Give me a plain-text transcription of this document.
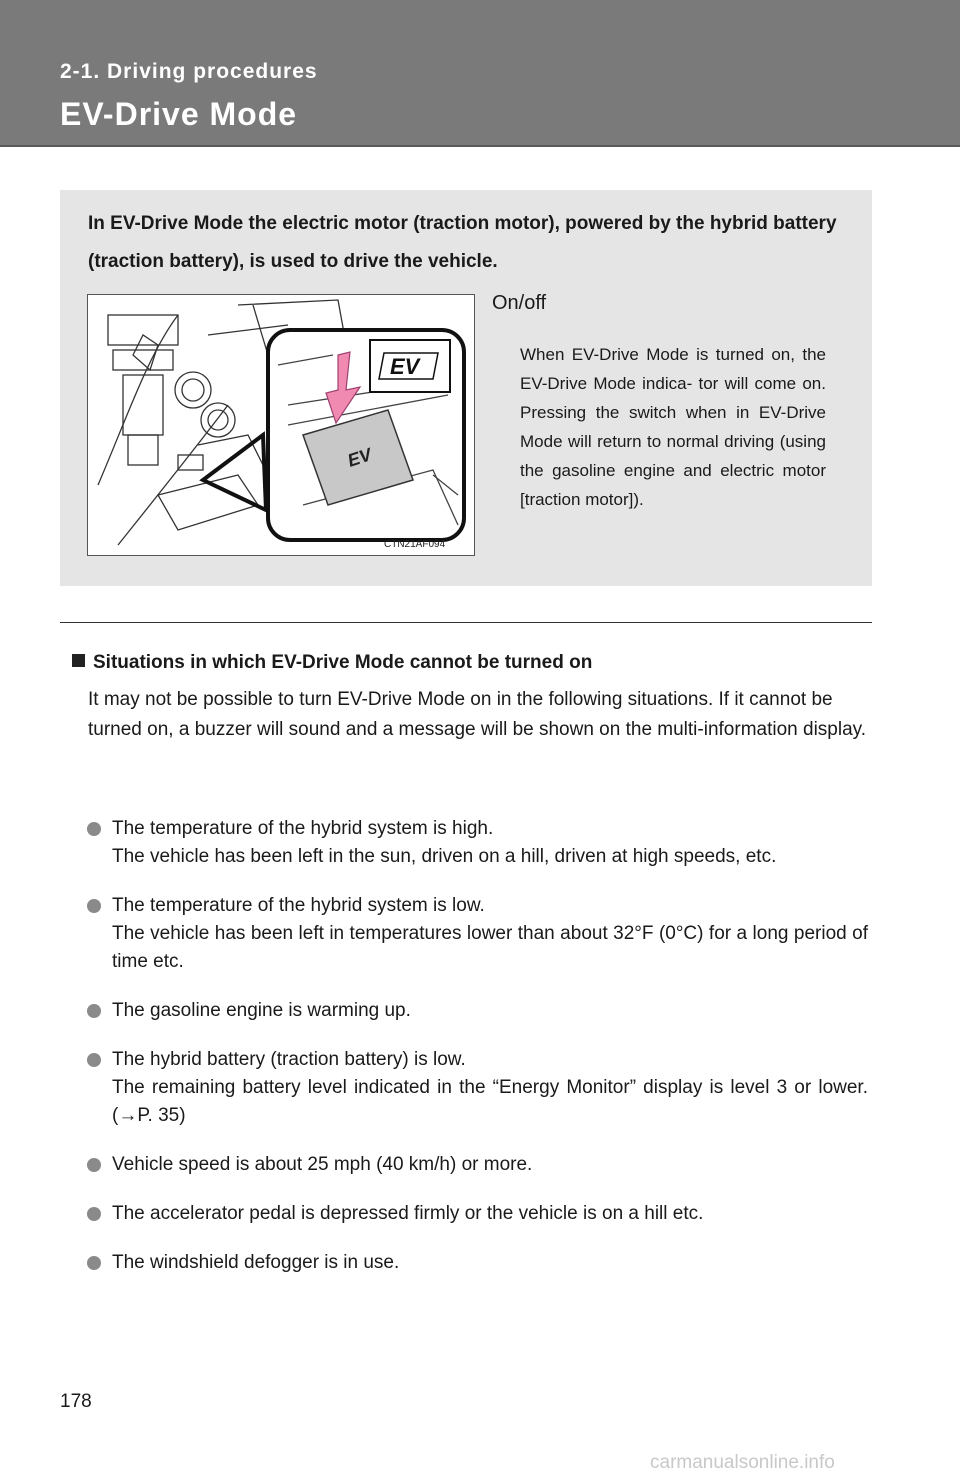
2-1. Driving procedures
EV-Drive Mode
In EV-Drive Mode the electric motor (traction motor), powered by the hybrid battery (traction battery), is used to drive the vehicle.
EV
EV
CTN21AF094
On/off
When EV-Drive Mode is turned on, the EV-Drive Mode indica- tor will come on. Pressing the switch when in EV-Drive Mode will return to normal driving (using the gasoline engine and electric motor [traction motor]).
Situations in which EV-Drive Mode cannot be turned on
It may not be possible to turn EV-Drive Mode on in the following situations. If it cannot be turned on, a buzzer will sound and a message will be shown on the multi-information display.
The temperature of the hybrid system is high.
The vehicle has been left in the sun, driven on a hill, driven at high speeds, etc.
The temperature of the hybrid system is low.
The vehicle has been left in temperatures lower than about 32°F (0°C) for a long period of time etc.
The gasoline engine is warming up.
The hybrid battery (traction battery) is low.
The remaining battery level indicated in the “Energy Monitor” display is level 3 or lower. (→P. 35)
Vehicle speed is about 25 mph (40 km/h) or more.
The accelerator pedal is depressed firmly or the vehicle is on a hill etc.
The windshield defogger is in use.
178
carmanualsonline.info
